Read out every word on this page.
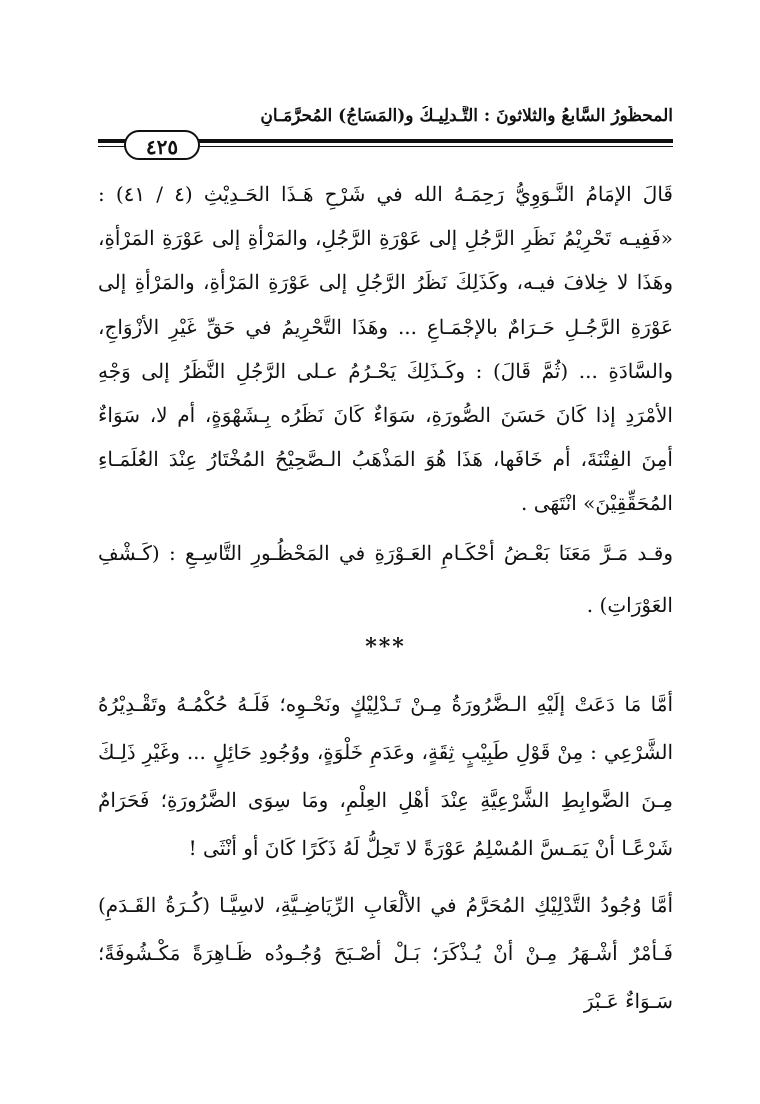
المحظُورُ السَّابعُ والثلاثونَ : التَّـدلِيـكُ و(المَسَاجُ) المُحرَّمَـانِ
٤٢٥

قَالَ الإمَامُ النَّـوَوِيُّ رَحِمَـهُ الله في شَرْحِ هَـذَا الحَـدِيْثِ (٤ / ٤١) : «فَفِيـه تَحْرِيْمُ نَظَرِ الرَّجُلِ إلى عَوْرَةِ الرَّجُلِ، والمَرْأةِ إلى عَوْرَةِ المَرْأةِ، وهَذَا لا خِلافَ فيـه، وكَذَلِكَ نَظَرُ الرَّجُلِ إلى عَوْرَةِ المَرْأةِ، والمَرْأةِ إلى عَوْرَةِ الرَّجُـلِ حَـرَامٌ بالإجْمَـاعِ ... وهَذَا التَّحْرِيمُ في حَقِّ غَيْرِ الأزْوَاجِ، والسَّادَةِ ... (ثُمَّ قَالَ) : وكَـذَلِكَ يَحْـرُمُ عـلى الرَّجُلِ النَّظَرُ إلى وَجْهِ الأمْرَدِ إذا كَانَ حَسَنَ الصُّورَةِ، سَوَاءٌ كَانَ نَظَرُه بِـشَهْوَةٍ، أم لا، سَوَاءٌ أمِنَ الفِتْنَةَ، أم خَافَها، هَذَا هُوَ المَذْهَبُ الـصَّحِيْحُ المُخْتَارُ عِنْدَ العُلَمَـاءِ المُحَقِّقِيْنَ» انْتَهَى .

وقـد مَـرَّ مَعَنَا بَعْـضُ أحْكَـامِ العَـوْرَةِ في المَحْظُـورِ التَّاسِـعِ : (كَـشْفِ العَوْرَاتِ) .

***

أمَّا مَا دَعَتْ إلَيْهِ الـضَّرُورَةُ مِـنْ تَـدْلِيْكٍ ونَحْـوِه؛ فَلَـهُ حُكْمُـهُ وتَقْـدِيْرُهُ الشَّرْعِي : مِنْ قَوْلِ طَبِيْبٍ ثِقَةٍ، وعَدَمِ خَلْوَةٍ، ووُجُودِ حَائِلٍ ... وغَيْرِ ذَلِـكَ مِـنَ الضَّوابِطِ الشَّرْعِيَّةِ عِنْدَ أهْلِ العِلْمِ، ومَا سِوَى الضَّرُورَةِ؛ فَحَرَامٌ شَرْعًـا أنْ يَمَـسَّ المُسْلِمُ عَوْرَةً لا تَحِلُّ لَهُ ذَكَرًا كَانَ أو أنْثَى !

أمَّا وُجُودُ التَّدْلِيْكِ المُحَرَّمُ في الألْعَابِ الرِّيَاضِـيَّةِ، لاسِيَّـا (كُـرَةُ القَـدَمِ) فَـأمْرٌ أشْـهَرُ مِـنْ أنْ يُـذْكَرَ؛ بَـلْ أصْـبَحَ وُجُـودُه ظَـاهِرَةً مَكْـشُوفَةً؛ سَـوَاءٌ عَـبْرَ
